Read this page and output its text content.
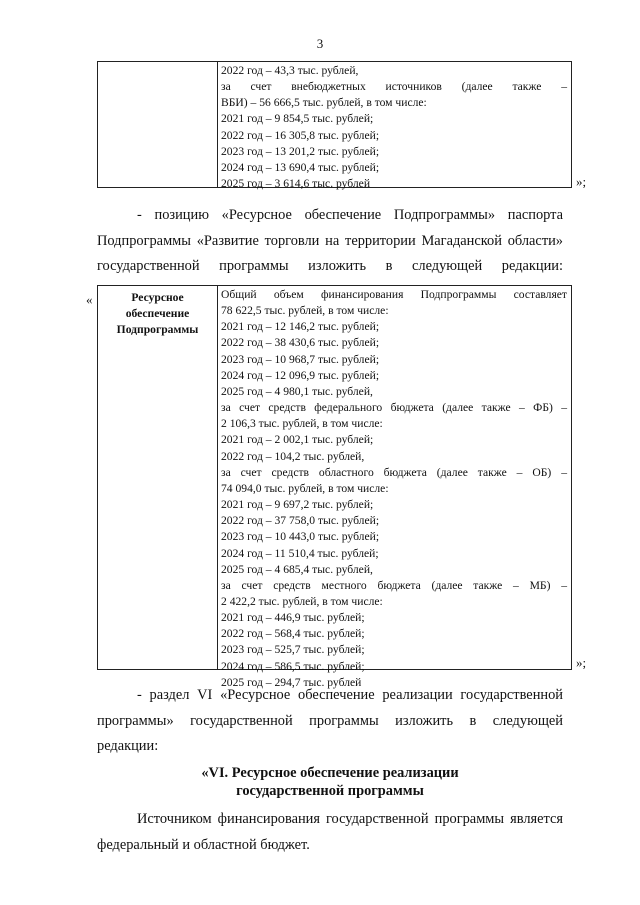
3
2022 год – 43,3 тыс. рублей,
за счет внебюджетных источников (далее также –
ВБИ) – 56 666,5 тыс. рублей, в том числе:
2021 год – 9 854,5 тыс. рублей;
2022 год – 16 305,8 тыс. рублей;
2023 год – 13 201,2 тыс. рублей;
2024 год – 13 690,4 тыс. рублей;
2025 год – 3 614,6 тыс. рублей	»;
- позицию «Ресурсное обеспечение Подпрограммы» паспорта
Подпрограммы «Развитие торговли на территории Магаданской области»
государственной программы изложить в следующей редакции:
«	Ресурсное
обеспечение
Подпрограммы
Общий объем финансирования Подпрограммы составляет
78 622,5 тыс. рублей, в том числе:
2021 год – 12 146,2 тыс. рублей;
2022 год – 38 430,6 тыс. рублей;
2023 год – 10 968,7 тыс. рублей;
2024 год – 12 096,9 тыс. рублей;
2025 год – 4 980,1 тыс. рублей,
за счет средств федерального бюджета (далее также – ФБ) –
2 106,3 тыс. рублей, в том числе:
2021 год – 2 002,1 тыс. рублей;
2022 год – 104,2 тыс. рублей,
за счет средств областного бюджета (далее также – ОБ) –
74 094,0 тыс. рублей, в том числе:
2021 год – 9 697,2 тыс. рублей;
2022 год – 37 758,0 тыс. рублей;
2023 год – 10 443,0 тыс. рублей;
2024 год – 11 510,4 тыс. рублей;
2025 год – 4 685,4 тыс. рублей,
за счет средств местного бюджета (далее также – МБ) –
2 422,2 тыс. рублей, в том числе:
2021 год – 446,9 тыс. рублей;
2022 год – 568,4 тыс. рублей;
2023 год – 525,7 тыс. рублей;
2024 год – 586,5 тыс. рублей;
2025 год – 294,7 тыс. рублей
»;
- раздел VI «Ресурсное обеспечение реализации государственной
программы» государственной программы изложить в следующей
редакции:
«VI. Ресурсное обеспечение реализации
государственной программы
Источником финансирования государственной программы является
федеральный и областной бюджет.
